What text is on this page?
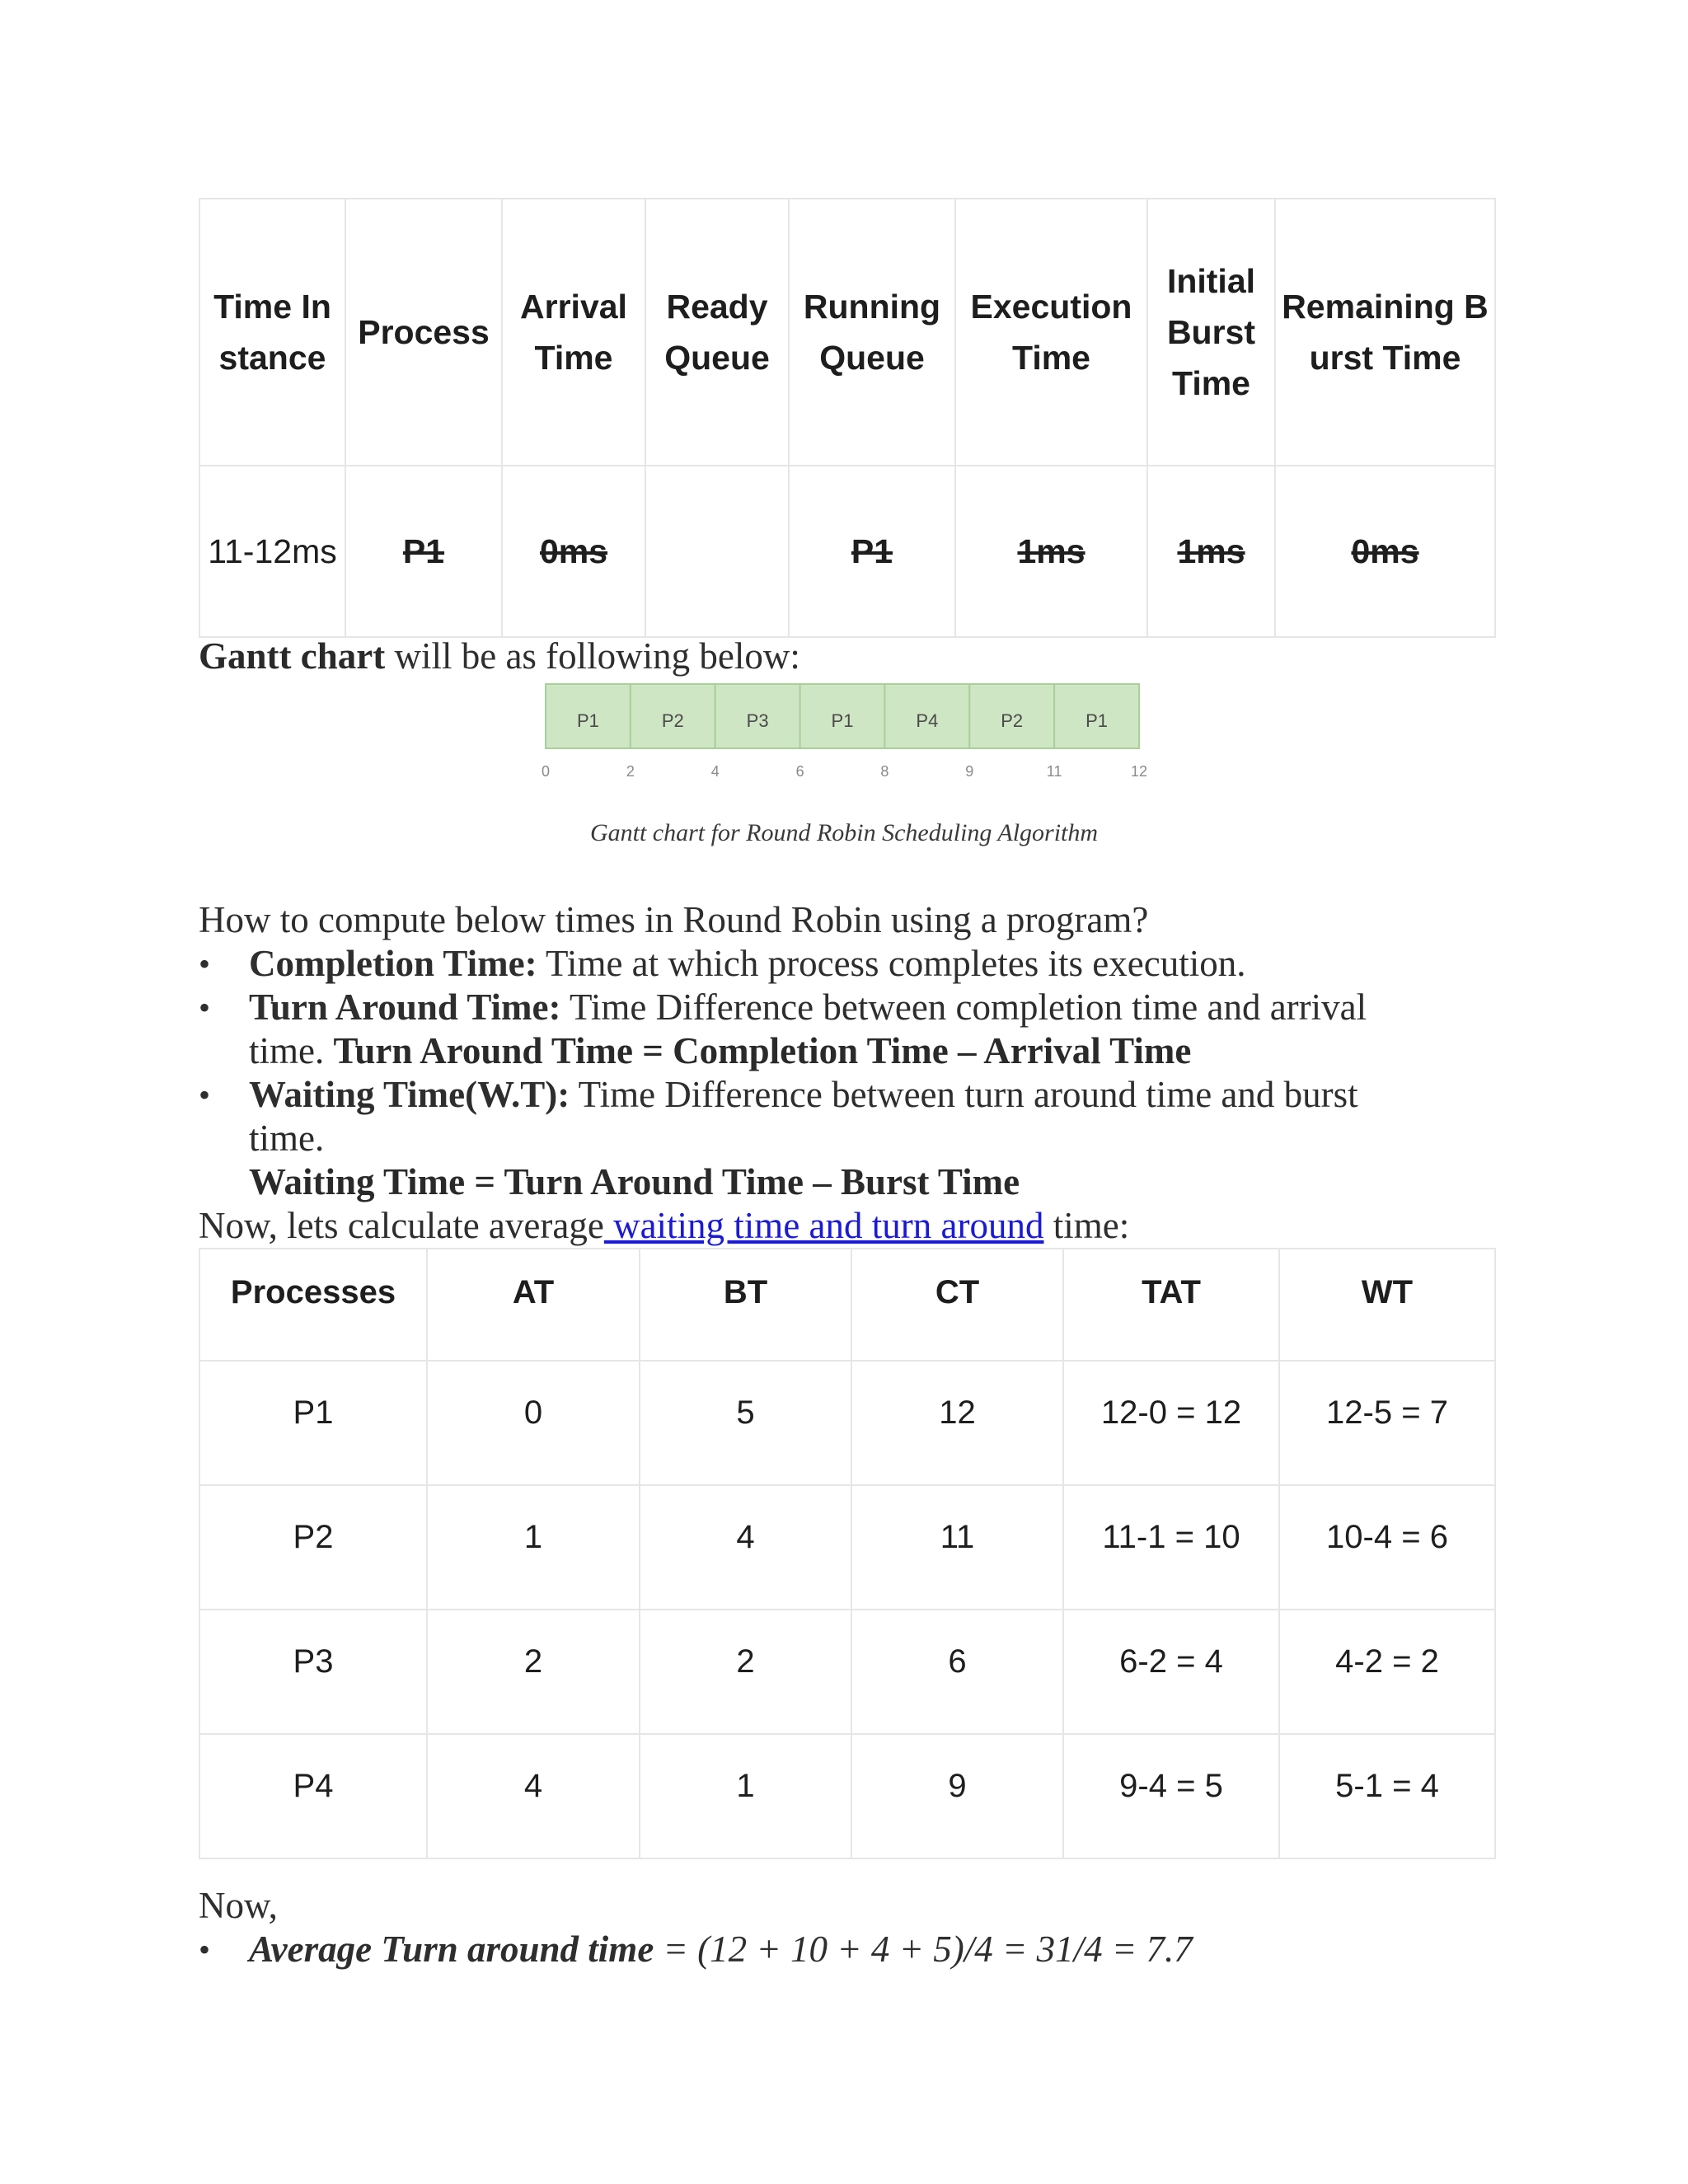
Time Instance	Process	Arrival Time	Ready Queue	Running Queue	Execution Time	Initial Burst Time	Remaining Burst Time
11-12ms	P1	0ms		P1	1ms	1ms	0ms
Gantt chart will be as following below:
P1	P2	P3	P1	P4	P2	P1
0	2	4	6	8	9	11	12
Gantt chart for Round Robin Scheduling Algorithm
How to compute below times in Round Robin using a program?
•	Completion Time: Time at which process completes its execution.
•	Turn Around Time: Time Difference between completion time and arrival
time. Turn Around Time = Completion Time – Arrival Time
•	Waiting Time(W.T): Time Difference between turn around time and burst
time.
Waiting Time = Turn Around Time – Burst Time
Now, lets calculate average waiting time and turn around time:
Processes	AT	BT	CT	TAT	WT
P1	0	5	12	12-0 = 12	12-5 = 7
P2	1	4	11	11-1 = 10	10-4 = 6
P3	2	2	6	6-2 = 4	4-2 = 2
P4	4	1	9	9-4 = 5	5-1 = 4
Now,
•	Average Turn around time = (12 + 10 + 4 + 5)/4 = 31/4 = 7.7
